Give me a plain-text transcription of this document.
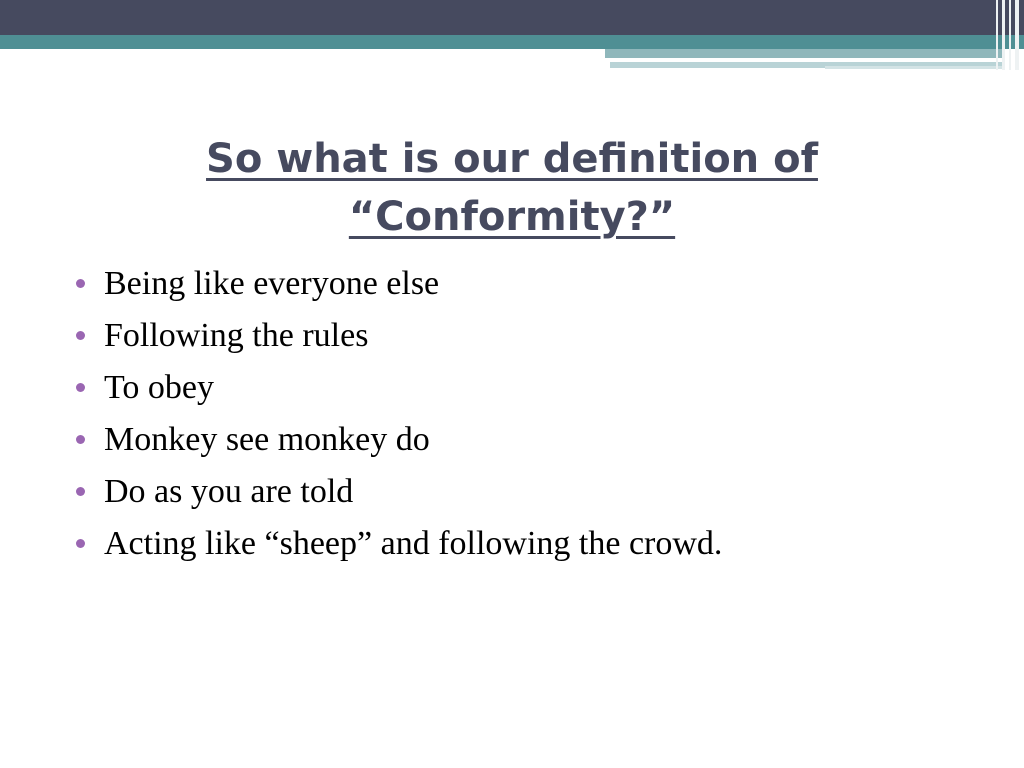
So what is our definition of
“Conformity?”
Being like everyone else
Following the rules
To obey
Monkey see monkey do
Do as you are told
Acting like “sheep” and following the crowd.
